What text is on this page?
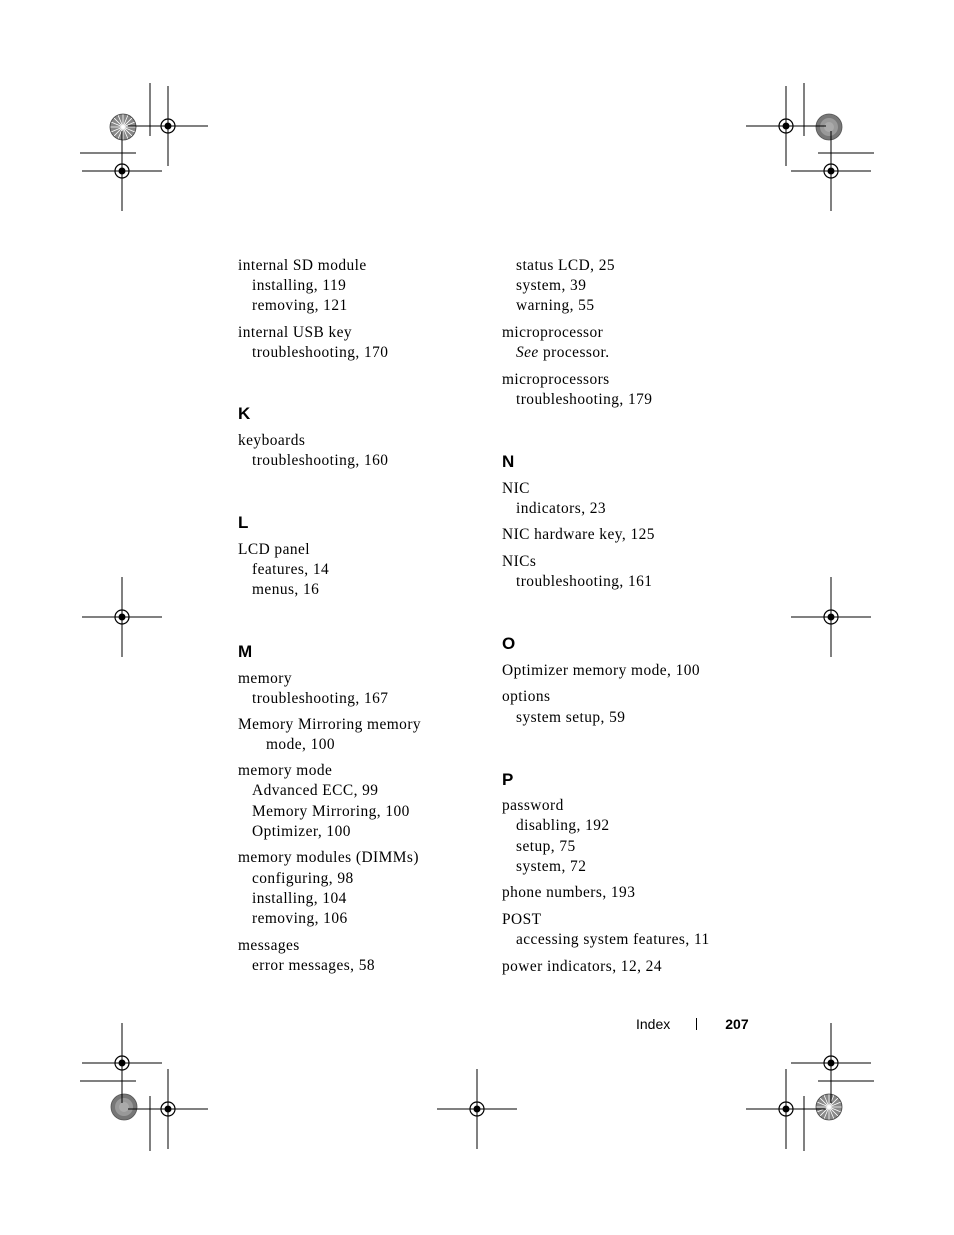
internal SD module

installing, 119

removing, 121

internal USB key

troubleshooting, 170

K

keyboards

troubleshooting, 160

L

LCD panel

features, 14

menus, 16

M

memory

troubleshooting, 167

Memory Mirroring memory

mode, 100

memory mode

Advanced ECC, 99

Memory Mirroring, 100

Optimizer, 100

memory modules (DIMMs)

configuring, 98

installing, 104

removing, 106

messages

error messages, 58

status LCD, 25

system, 39

warning, 55

microprocessor

See processor.

microprocessors

troubleshooting, 179

N

NIC

indicators, 23

NIC hardware key, 125

NICs

troubleshooting, 161

O

Optimizer memory mode, 100

options

system setup, 59

P

password

disabling, 192

setup, 75

system, 72

phone numbers, 193

POST

accessing system features, 11

power indicators, 12, 24

Index	207
